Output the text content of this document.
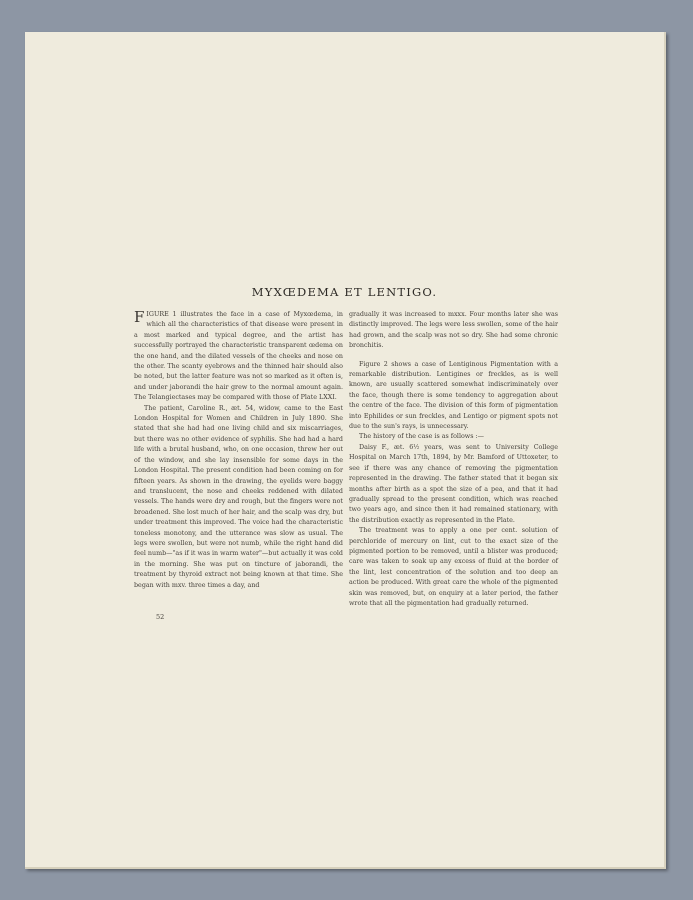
MYXŒDEMA ET LENTIGO.

FIGURE 1 illustrates the face in a case of Myxœdema, in which all the characteristics of that disease were present in a most marked and typical degree, and the artist has successfully portrayed the characteristic transparent œdema on the one hand, and the dilated vessels of the cheeks and nose on the other. The scanty eyebrows and the thinned hair should also be noted, but the latter feature was not so marked as it often is, and under jaborandi the hair grew to the normal amount again. The Telangiectases may be compared with those of Plate LXXI.

The patient, Caroline R., æt. 54, widow, came to the East London Hospital for Women and Children in July 1890. She stated that she had had one living child and six miscarriages, but there was no other evidence of syphilis. She had had a hard life with a brutal husband, who, on one occasion, threw her out of the window, and she lay insensible for some days in the London Hospital. The present condition had been coming on for fifteen years. As shown in the drawing, the eyelids were baggy and translucent, the nose and cheeks reddened with dilated vessels. The hands were dry and rough, but the fingers were not broadened. She lost much of her hair, and the scalp was dry, but under treatment this improved. The voice had the characteristic toneless monotony, and the utterance was slow as usual. The legs were swollen, but were not numb, while the right hand did feel numb—"as if it was in warm water"—but actually it was cold in the morning. She was put on tincture of jaborandi, the treatment by thyroid extract not being known at that time. She began with mxv. three times a day, and

52

gradually it was increased to mxxx. Four months later she was distinctly improved. The legs were less swollen, some of the hair had grown, and the scalp was not so dry. She had some chronic bronchitis.

Figure 2 shows a case of Lentiginous Pigmentation with a remarkable distribution. Lentigines or freckles, as is well known, are usually scattered somewhat indiscriminately over the face, though there is some tendency to aggregation about the centre of the face. The division of this form of pigmentation into Ephilides or sun freckles, and Lentigo or pigment spots not due to the sun's rays, is unnecessary.

The history of the case is as follows :—

Daisy F., æt. 6½ years, was sent to University College Hospital on March 17th, 1894, by Mr. Bamford of Uttoxeter, to see if there was any chance of removing the pigmentation represented in the drawing. The father stated that it began six months after birth as a spot the size of a pea, and that it had gradually spread to the present condition, which was reached two years ago, and since then it had remained stationary, with the distribution exactly as represented in the Plate.

The treatment was to apply a one per cent. solution of perchloride of mercury on lint, cut to the exact size of the pigmented portion to be removed, until a blister was produced; care was taken to soak up any excess of fluid at the border of the lint, lest concentration of the solution and too deep an action be produced. With great care the whole of the pigmented skin was removed, but, on enquiry at a later period, the father wrote that all the pigmentation had gradually returned.
